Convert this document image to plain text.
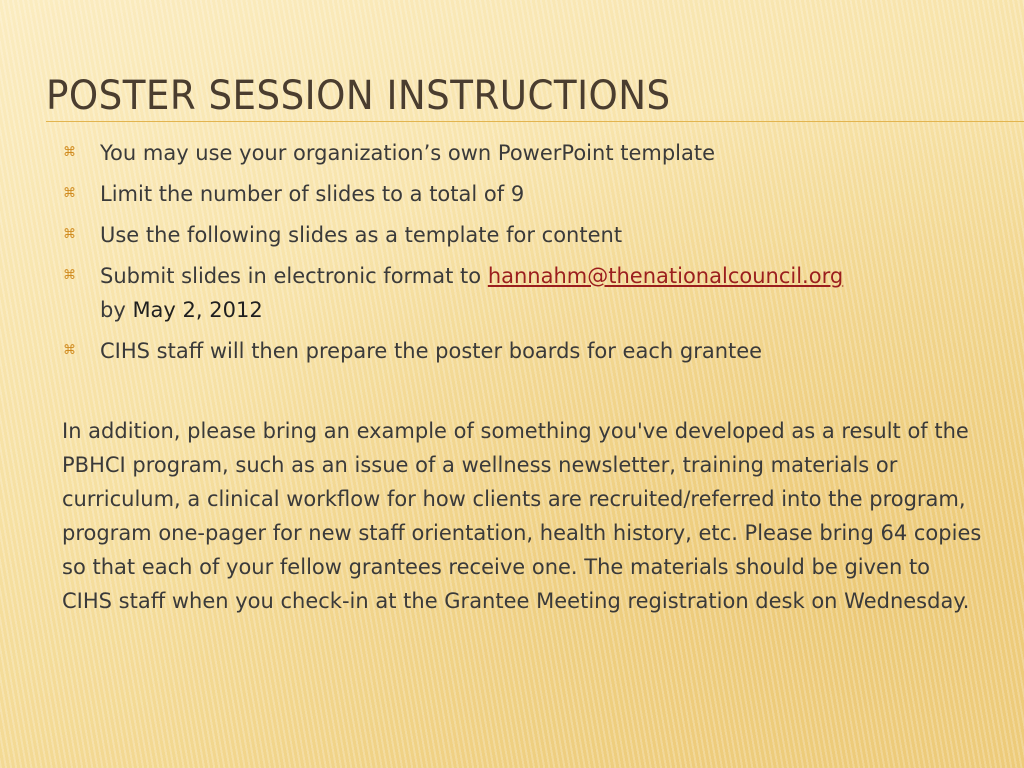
POSTER SESSION INSTRUCTIONS
⌘ You may use your organization’s own PowerPoint template
⌘ Limit the number of slides to a total of 9
⌘ Use the following slides as a template for content
⌘ Submit slides in electronic format to hannahm@thenationalcouncil.org
by May 2, 2012
⌘ CIHS staff will then prepare the poster boards for each grantee

In addition, please bring an example of something you've developed as a result of the PBHCI program, such as an issue of a wellness newsletter, training materials or curriculum, a clinical workflow for how clients are recruited/referred into the program, program one-pager for new staff orientation, health history, etc. Please bring 64 copies so that each of your fellow grantees receive one. The materials should be given to CIHS staff when you check-in at the Grantee Meeting registration desk on Wednesday.
